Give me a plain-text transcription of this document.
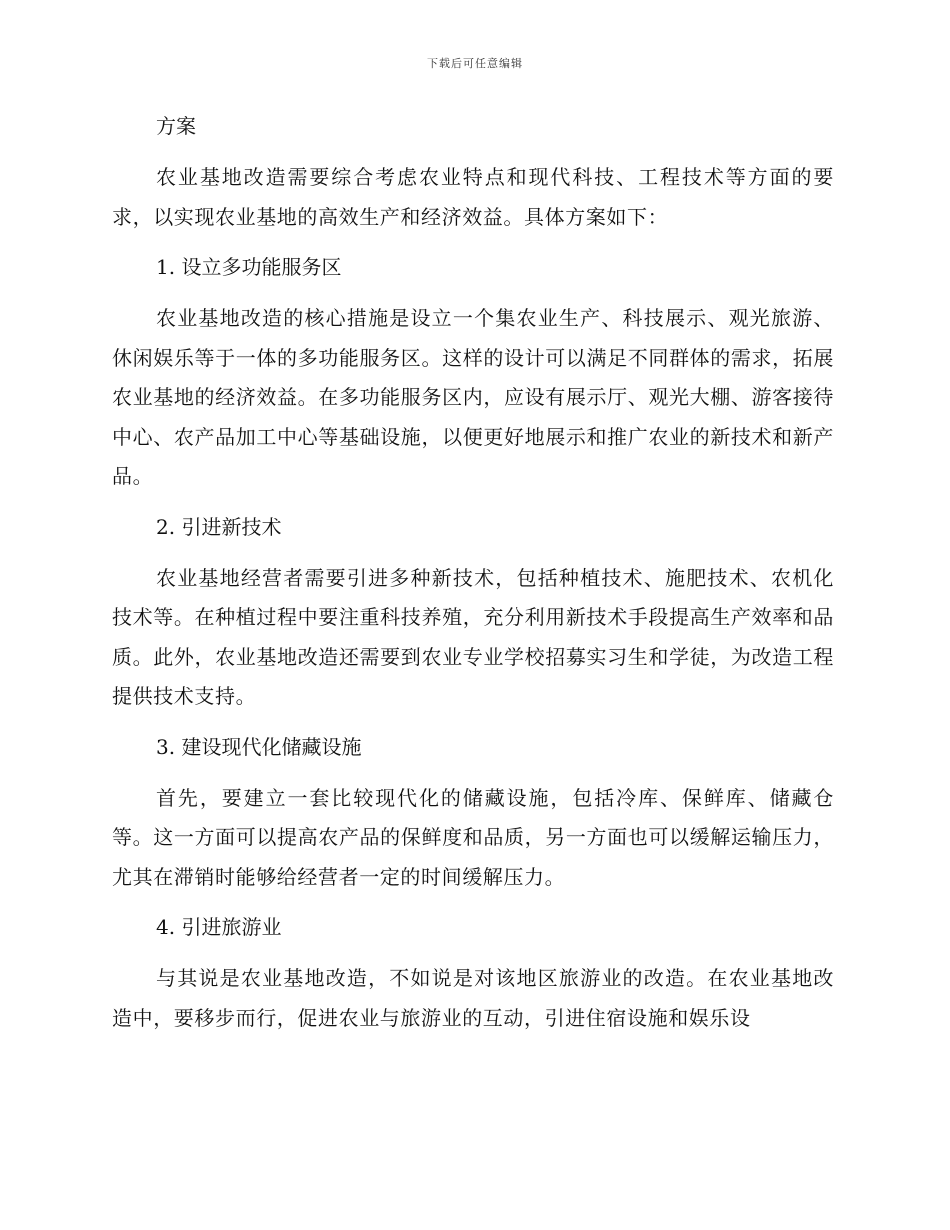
下载后可任意编辑
方案

农业基地改造需要综合考虑农业特点和现代科技、工程技术等方面的要求，以实现农业基地的高效生产和经济效益。具体方案如下：

1. 设立多功能服务区

农业基地改造的核心措施是设立一个集农业生产、科技展示、观光旅游、休闲娱乐等于一体的多功能服务区。这样的设计可以满足不同群体的需求，拓展农业基地的经济效益。在多功能服务区内，应设有展示厅、观光大棚、游客接待中心、农产品加工中心等基础设施，以便更好地展示和推广农业的新技术和新产品。

2. 引进新技术

农业基地经营者需要引进多种新技术，包括种植技术、施肥技术、农机化技术等。在种植过程中要注重科技养殖，充分利用新技术手段提高生产效率和品质。此外，农业基地改造还需要到农业专业学校招募实习生和学徒，为改造工程提供技术支持。

3. 建设现代化储藏设施

首先，要建立一套比较现代化的储藏设施，包括冷库、保鲜库、储藏仓等。这一方面可以提高农产品的保鲜度和品质，另一方面也可以缓解运输压力，尤其在滞销时能够给经营者一定的时间缓解压力。

4. 引进旅游业

与其说是农业基地改造，不如说是对该地区旅游业的改造。在农业基地改造中，要移步而行，促进农业与旅游业的互动，引进住宿设施和娱乐设
